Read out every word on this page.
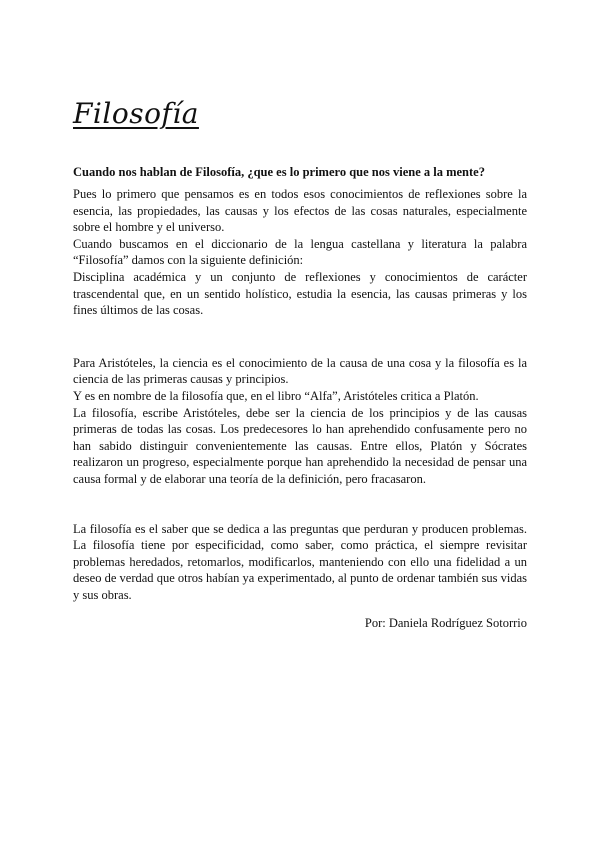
Filosofía

Cuando nos hablan de Filosofía, ¿que es lo primero que nos viene a la mente?

Pues lo primero que pensamos es en todos esos conocimientos de reflexiones sobre la esencia, las propiedades, las causas y los efectos de las cosas naturales, especialmente sobre el hombre y el universo.

Cuando buscamos en el diccionario de la lengua castellana y literatura la palabra “Filosofía” damos con la siguiente definición:

Disciplina académica y un conjunto de reflexiones y conocimientos de carácter trascendental que, en un sentido holístico, estudia la esencia, las causas primeras y los fines últimos de las cosas.

Para Aristóteles, la ciencia es el conocimiento de la causa de una cosa y la filosofía es la ciencia de las primeras causas y principios.

Y es en nombre de la filosofía que, en el libro “Alfa”, Aristóteles critica a Platón.

La filosofía, escribe Aristóteles, debe ser la ciencia de los principios y de las causas primeras de todas las cosas. Los predecesores lo han aprehendido confusamente pero no han sabido distinguir convenientemente las causas. Entre ellos, Platón y Sócrates realizaron un progreso, especialmente porque han aprehendido la necesidad de pensar una causa formal y de elaborar una teoría de la definición, pero fracasaron.

La filosofía es el saber que se dedica a las preguntas que perduran y producen problemas. La filosofía tiene por especificidad, como saber, como práctica, el siempre revisitar problemas heredados, retomarlos, modificarlos, manteniendo con ello una fidelidad a un deseo de verdad que otros habían ya experimentado, al punto de ordenar también sus vidas y sus obras.

Por: Daniela Rodríguez Sotorrio
